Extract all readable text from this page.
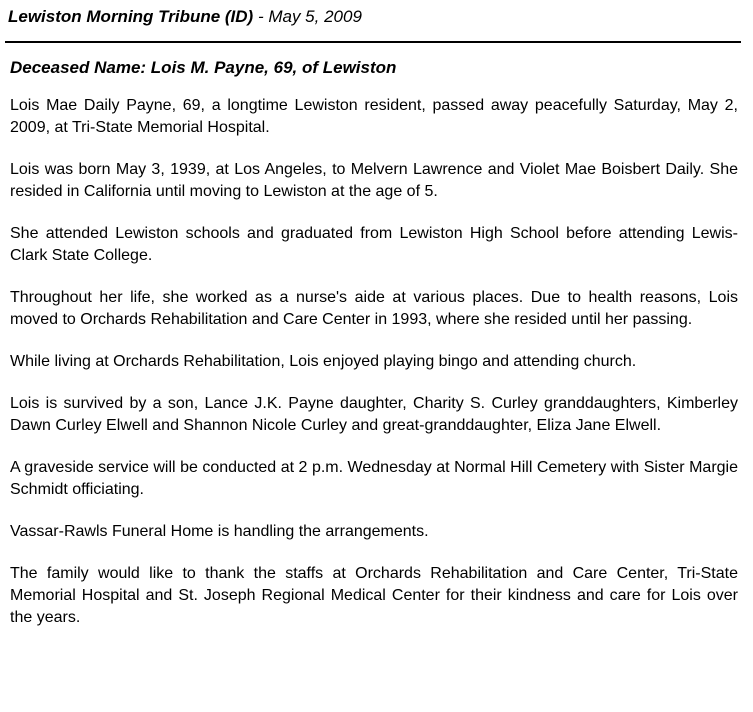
Lewiston Morning Tribune (ID) - May 5, 2009
Deceased Name: Lois M. Payne, 69, of Lewiston

Lois Mae Daily Payne, 69, a longtime Lewiston resident, passed away peacefully Saturday, May 2, 2009, at Tri-State Memorial Hospital.

Lois was born May 3, 1939, at Los Angeles, to Melvern Lawrence and Violet Mae Boisbert Daily. She resided in California until moving to Lewiston at the age of 5.

She attended Lewiston schools and graduated from Lewiston High School before attending Lewis-Clark State College.

Throughout her life, she worked as a nurse's aide at various places. Due to health reasons, Lois moved to Orchards Rehabilitation and Care Center in 1993, where she resided until her passing.

While living at Orchards Rehabilitation, Lois enjoyed playing bingo and attending church.

Lois is survived by a son, Lance J.K. Payne daughter, Charity S. Curley granddaughters, Kimberley Dawn Curley Elwell and Shannon Nicole Curley and great-granddaughter, Eliza Jane Elwell.

A graveside service will be conducted at 2 p.m. Wednesday at Normal Hill Cemetery with Sister Margie Schmidt officiating.

Vassar-Rawls Funeral Home is handling the arrangements.

The family would like to thank the staffs at Orchards Rehabilitation and Care Center, Tri-State Memorial Hospital and St. Joseph Regional Medical Center for their kindness and care for Lois over the years.
